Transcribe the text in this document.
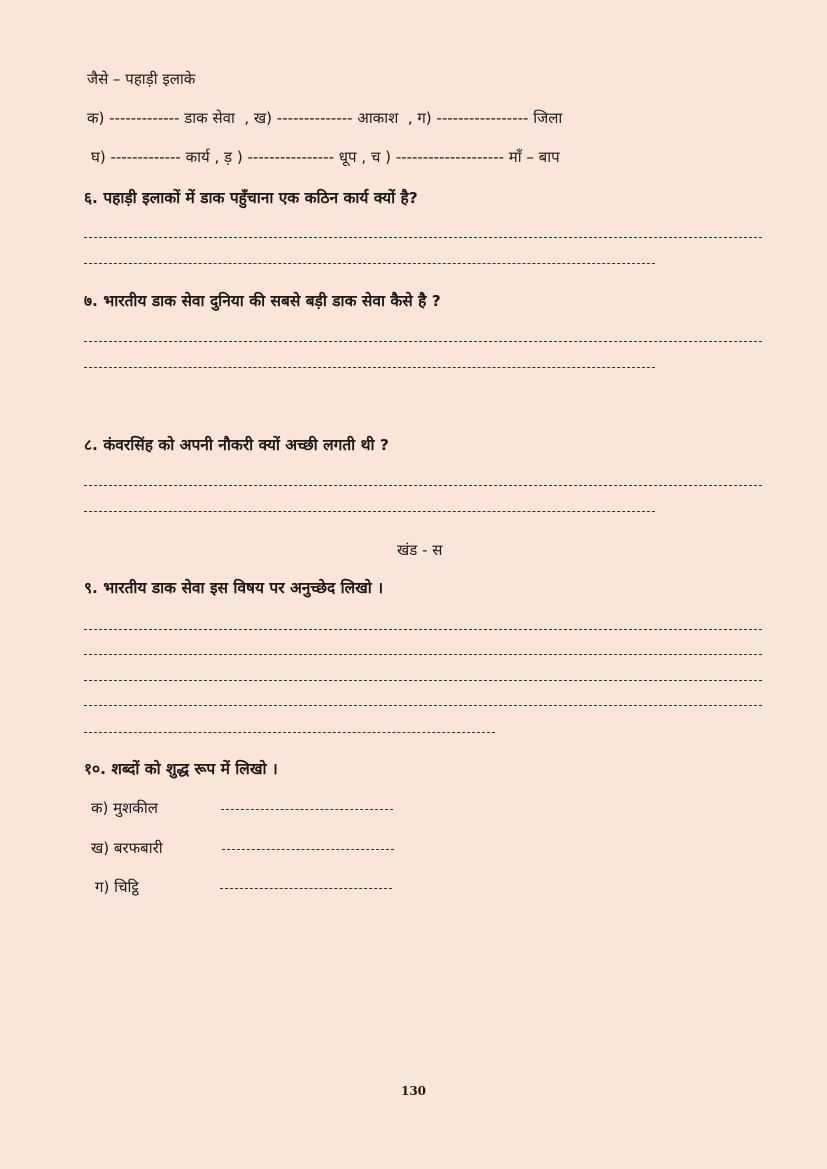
जैसे – पहाड़ी इलाके
क) ------------- डाक सेवा  , ख) -------------- आकाश  , ग) ----------------- जिला
घ) ------------- कार्य , ड़ ) ---------------- धूप , च ) -------------------- माँ – बाप
६. पहाड़ी इलाकों में डाक पहुँचाना एक कठिन कार्य क्यों है?
७. भारतीय डाक सेवा दुनिया की सबसे बड़ी डाक सेवा कैसे है ?
८. कंवरसिंह को अपनी नौकरी क्यों अच्छी लगती थी ?
खंड - स
९. भारतीय डाक सेवा इस विषय पर अनुच्छेद लिखो ।
१०. शब्दों को शुद्ध रूप में लिखो ।
क) मुशकील
ख) बरफबारी
ग) चिट्ठि
130
